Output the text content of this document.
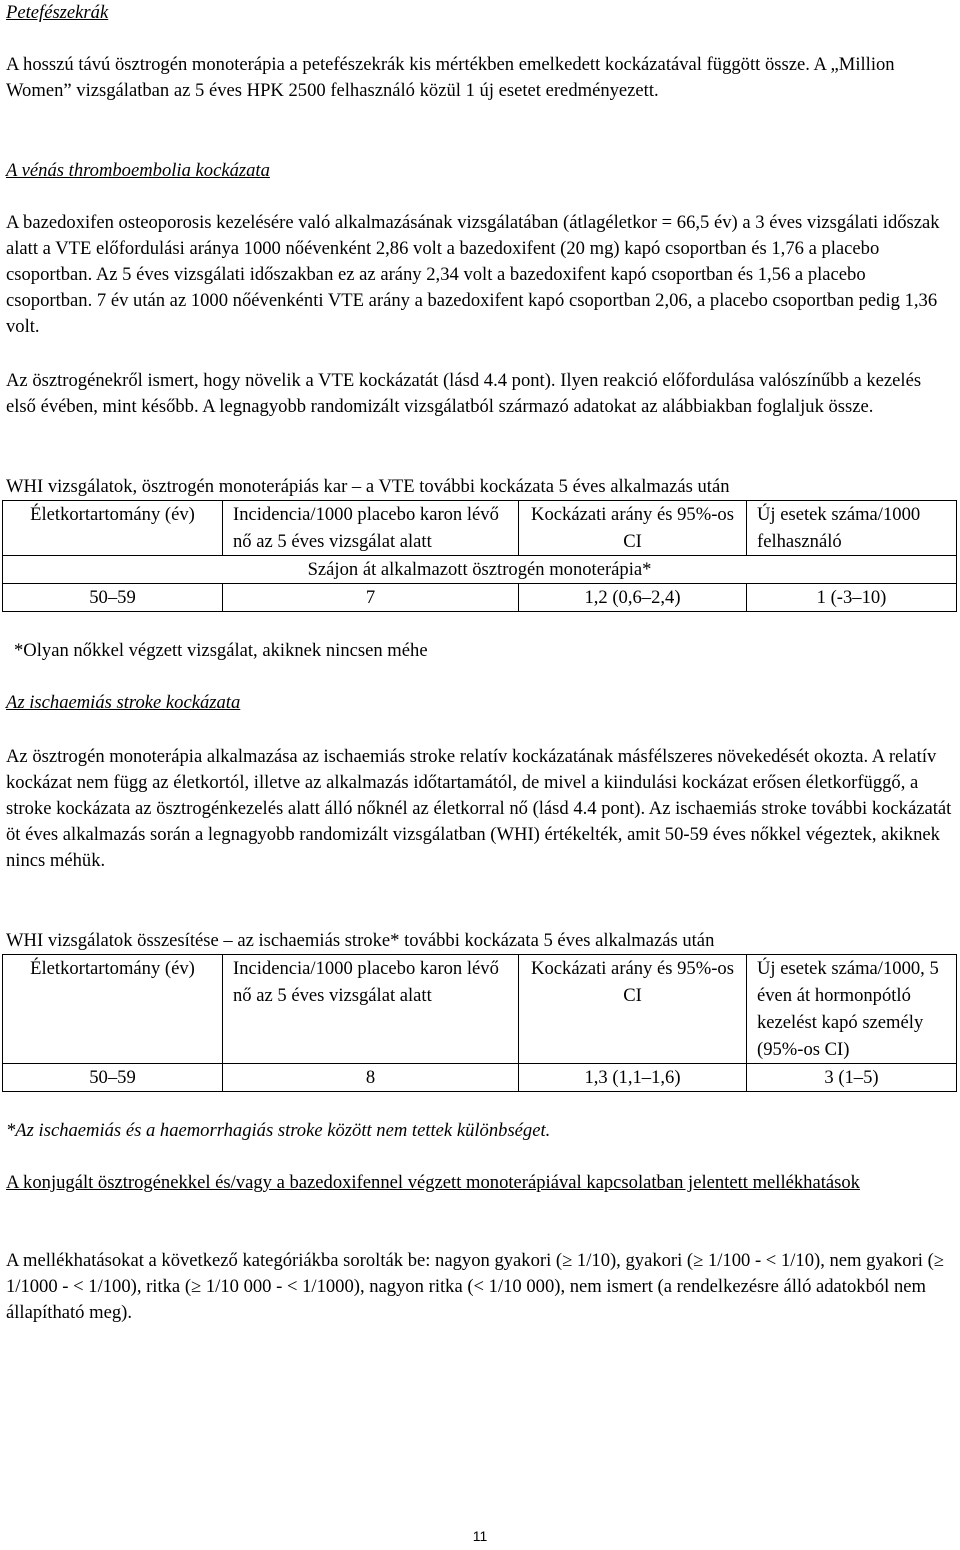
Petefészekrák

A hosszú távú ösztrogén monoterápia a petefészekrák kis mértékben emelkedett kockázatával függött össze. A „Million Women” vizsgálatban az 5 éves HPK 2500 felhasználó közül 1 új esetet eredményezett.

A vénás thromboembolia kockázata

A bazedoxifen osteoporosis kezelésére való alkalmazásának vizsgálatában (átlagéletkor = 66,5 év) a 3 éves vizsgálati időszak alatt a VTE előfordulási aránya 1000 nőévenként 2,86 volt a bazedoxifent (20 mg) kapó csoportban és 1,76 a placebo csoportban. Az 5 éves vizsgálati időszakban ez az arány 2,34 volt a bazedoxifent kapó csoportban és 1,56 a placebo csoportban. 7 év után az 1000 nőévenkénti VTE arány a bazedoxifent kapó csoportban 2,06, a placebo csoportban pedig 1,36 volt.

Az ösztrogénekről ismert, hogy növelik a VTE kockázatát (lásd 4.4 pont). Ilyen reakció előfordulása valószínűbb a kezelés első évében, mint később. A legnagyobb randomizált vizsgálatból származó adatokat az alábbiakban foglaljuk össze.

WHI vizsgálatok, ösztrogén monoterápiás kar – a VTE további kockázata 5 éves alkalmazás után

Életkortartomány (év)	Incidencia/1000 placebo karon lévő nő az 5 éves vizsgálat alatt	Kockázati arány és 95%-os CI	Új esetek száma/1000 felhasználó
Szájon át alkalmazott ösztrogén monoterápia*			
50–59	7	1,2 (0,6–2,4)	1 (-3–10)

*Olyan nőkkel végzett vizsgálat, akiknek nincsen méhe

Az ischaemiás stroke kockázata

Az ösztrogén monoterápia alkalmazása az ischaemiás stroke relatív kockázatának másfélszeres növekedését okozta. A relatív kockázat nem függ az életkortól, illetve az alkalmazás időtartamától, de mivel a kiindulási kockázat erősen életkorfüggő, a stroke kockázata az ösztrogénkezelés alatt álló nőknél az életkorral nő (lásd 4.4 pont). Az ischaemiás stroke további kockázatát öt éves alkalmazás során a legnagyobb randomizált vizsgálatban (WHI) értékelték, amit 50-59 éves nőkkel végeztek, akiknek nincs méhük.

WHI vizsgálatok összesítése – az ischaemiás stroke* további kockázata 5 éves alkalmazás után

Életkortartomány (év)	Incidencia/1000 placebo karon lévő nő az 5 éves vizsgálat alatt	Kockázati arány és 95%-os CI	Új esetek száma/1000, 5 éven át hormonpótló kezelést kapó személy (95%-os CI)
50–59	8	1,3 (1,1–1,6)	3 (1–5)

*Az ischaemiás és a haemorrhagiás stroke között nem tettek különbséget.

A konjugált ösztrogénekkel és/vagy a bazedoxifennel végzett monoterápiával kapcsolatban jelentett mellékhatások

A mellékhatásokat a következő kategóriákba sorolták be: nagyon gyakori (≥ 1/10), gyakori (≥ 1/100 - < 1/10), nem gyakori (≥ 1/1000 - < 1/100), ritka (≥ 1/10 000 - < 1/1000), nagyon ritka (< 1/10 000), nem ismert (a rendelkezésre álló adatokból nem állapítható meg).

11
